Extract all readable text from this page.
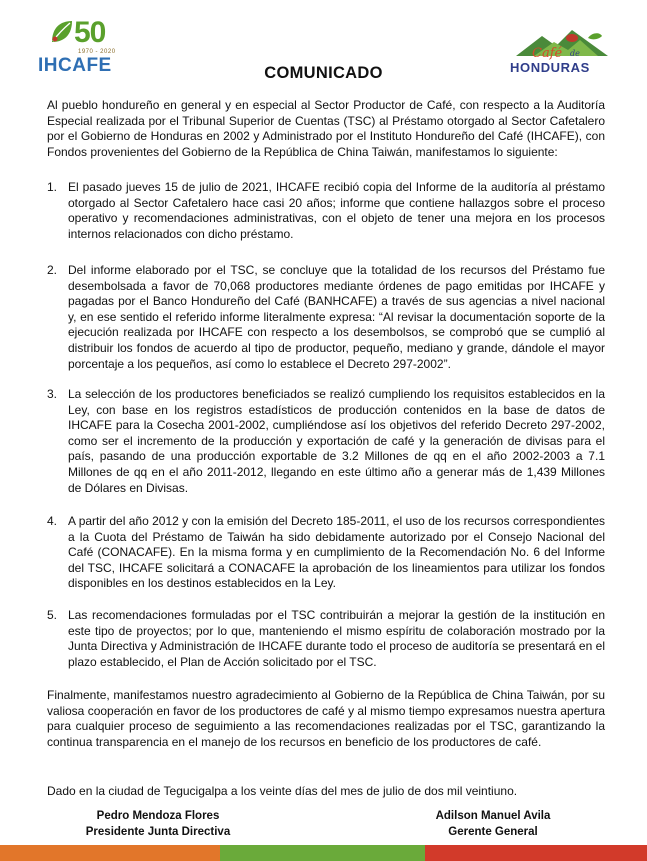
50
1970 - 2020
IHCAFE
Café de
HONDURAS
COMUNICADO

Al pueblo hondureño en general y en especial al Sector Productor de Café, con respecto a la Auditoría Especial realizada por el Tribunal Superior de Cuentas (TSC) al Préstamo otorgado al Sector Cafetalero por el Gobierno de Honduras en 2002 y Administrado por el Instituto Hondureño del Café (IHCAFE), con Fondos provenientes del Gobierno de la República de China Taiwán, manifestamos lo siguiente:

1. El pasado jueves 15 de julio de 2021, IHCAFE recibió copia del Informe de la auditoría al préstamo otorgado al Sector Cafetalero hace casi 20 años; informe que contiene hallazgos sobre el proceso operativo y recomendaciones administrativas, con el objeto de tener una mejora en los procesos internos relacionados con dicho préstamo.
2. Del informe elaborado por el TSC, se concluye que la totalidad de los recursos del Préstamo fue desembolsada a favor de 70,068 productores mediante órdenes de pago emitidas por IHCAFE y pagadas por el Banco Hondureño del Café (BANHCAFE) a través de sus agencias a nivel nacional y, en ese sentido el referido informe literalmente expresa: “Al revisar la documentación soporte de la ejecución realizada por IHCAFE con respecto a los desembolsos, se comprobó que se cumplió al distribuir los fondos de acuerdo al tipo de productor, pequeño, mediano y grande, dándole el mayor porcentaje a los pequeños, así como lo establece el Decreto 297-2002”.
3. La selección de los productores beneficiados se realizó cumpliendo los requisitos establecidos en la Ley, con base en los registros estadísticos de producción contenidos en la base de datos de IHCAFE para la Cosecha 2001-2002, cumpliéndose así los objetivos del referido Decreto 297-2002, como ser el incremento de la producción y exportación de café y la generación de divisas para el país, pasando de una producción exportable de 3.2 Millones de qq en el año 2002-2003 a 7.1 Millones de qq en el año 2011-2012, llegando en este último año a generar más de 1,439 Millones de Dólares en Divisas.
4. A partir del año 2012 y con la emisión del Decreto 185-2011, el uso de los recursos correspondientes a la Cuota del Préstamo de Taiwán ha sido debidamente autorizado por el Consejo Nacional del Café (CONACAFE). En la misma forma y en cumplimiento de la Recomendación No. 6 del Informe del TSC, IHCAFE solicitará a CONACAFE la aprobación de los lineamientos para utilizar los fondos disponibles en los destinos establecidos en la Ley.
5. Las recomendaciones formuladas por el TSC contribuirán a mejorar la gestión de la institución en este tipo de proyectos; por lo que, manteniendo el mismo espíritu de colaboración mostrado por la Junta Directiva y Administración de IHCAFE durante todo el proceso de auditoría se presentará en el plazo establecido, el Plan de Acción solicitado por el TSC.

Finalmente, manifestamos nuestro agradecimiento al Gobierno de la República de China Taiwán, por su valiosa cooperación en favor de los productores de café y al mismo tiempo expresamos nuestra apertura para cualquier proceso de seguimiento a las recomendaciones realizadas por el TSC, garantizando la continua transparencia en el manejo de los recursos en beneficio de los productores de café.

Dado en la ciudad de Tegucigalpa a los veinte días del mes de julio de dos mil veintiuno.

Pedro Mendoza Flores
Presidente Junta Directiva
Adilson Manuel Avila
Gerente General
